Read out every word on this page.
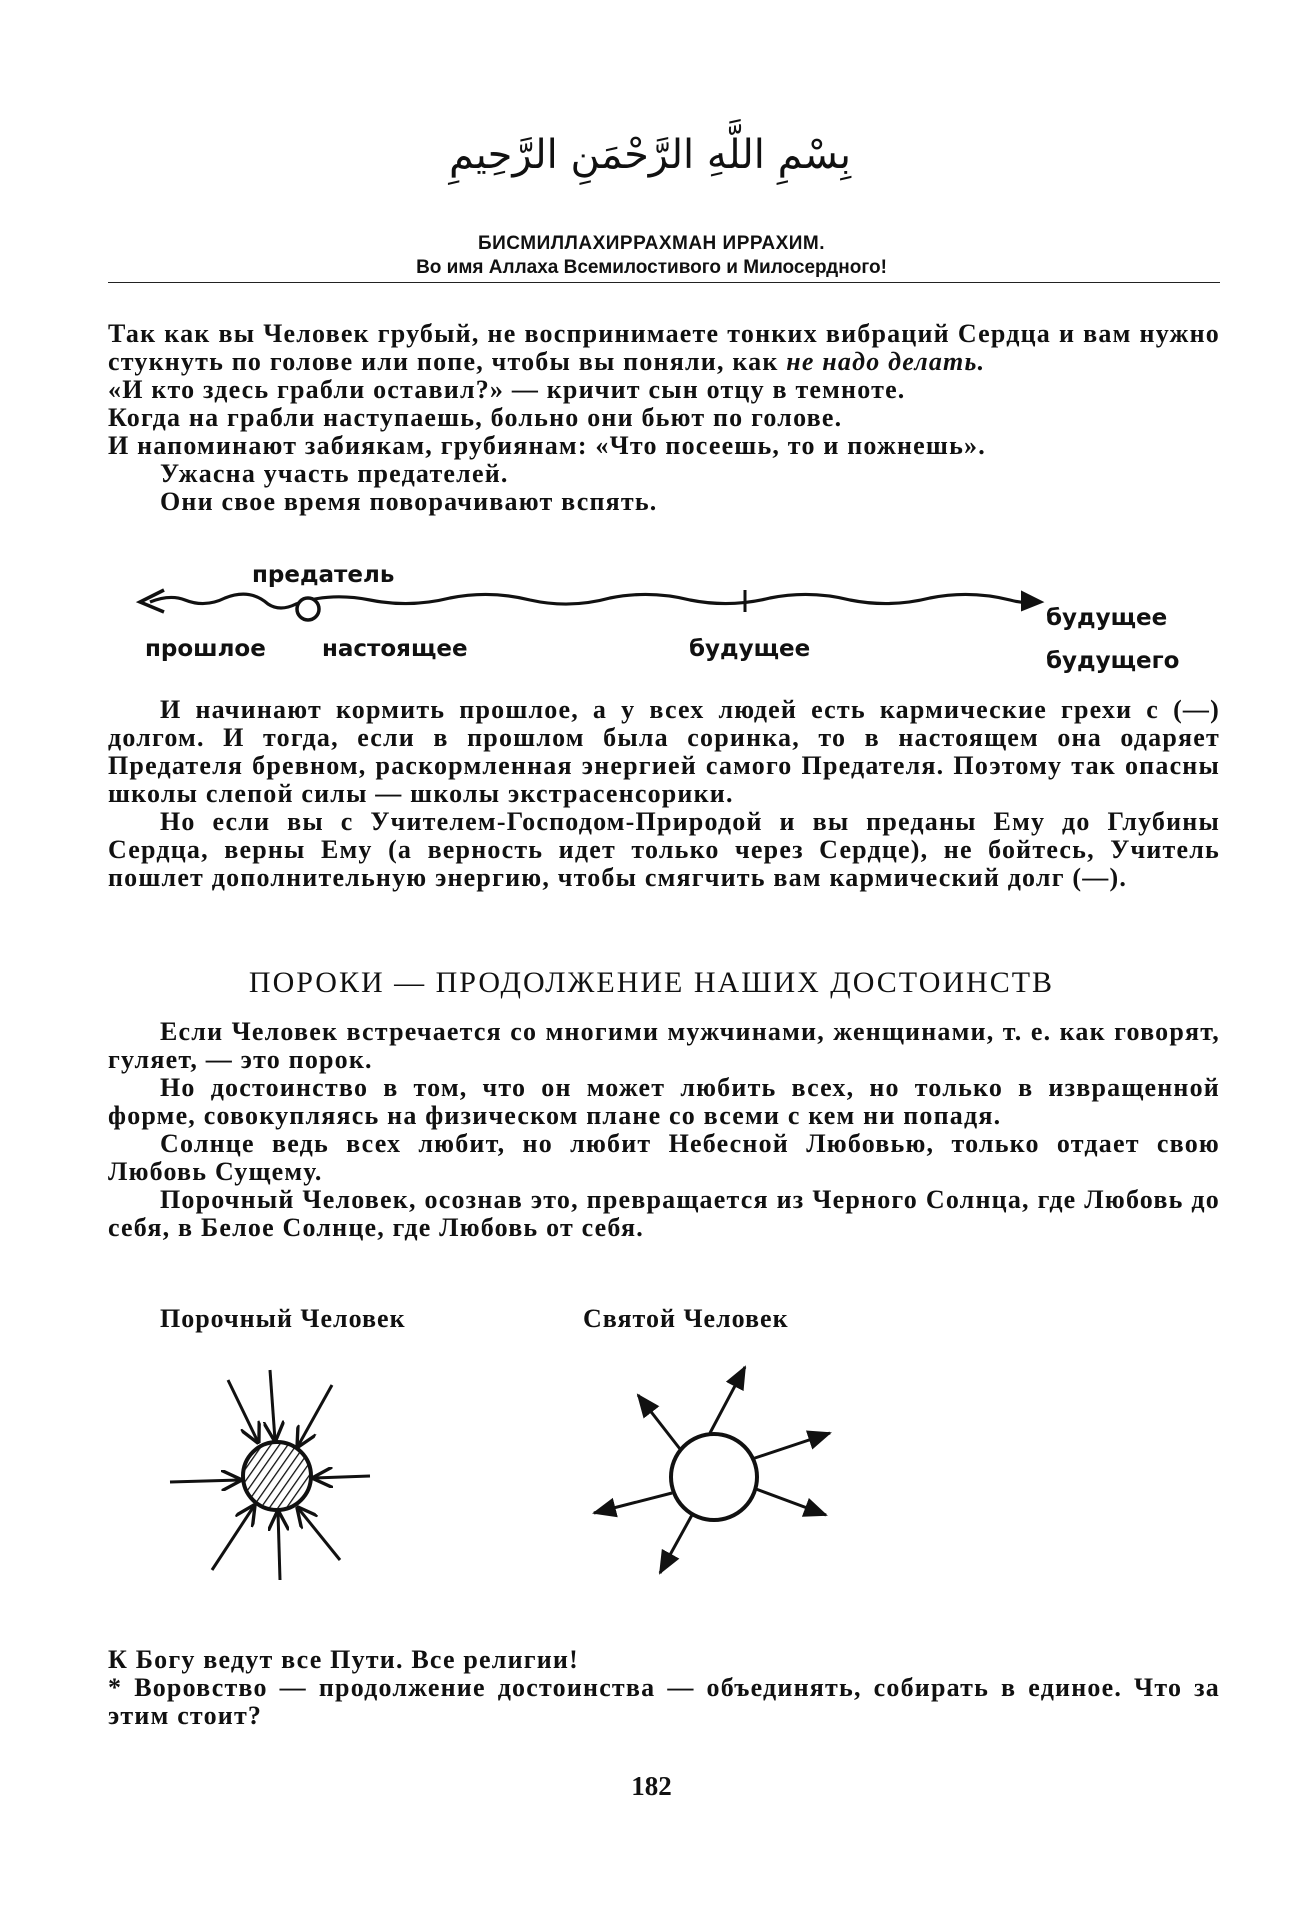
بِسْمِ اللَّهِ الرَّحْمَنِ الرَّحِيمِ

БИСМИЛЛАХИРРАХМАН ИРРАХИМ.

Во имя Аллаха Всемилостивого и Милосердного!

Так как вы Человек грубый, не воспринимаете тонких вибраций Сердца и вам нужно стукнуть по голове или попе, чтобы вы поняли, как не надо делать.

«И кто здесь грабли оставил?» — кричит сын отцу в темноте.

Когда на грабли наступаешь, больно они бьют по голове.

И напоминают забиякам, грубиянам: «Что посеешь, то и пожнешь».

Ужасна участь предателей.

Они свое время поворачивают вспять.

предатель

прошлое настоящее	будущее

будущее

будущего

И начинают кормить прошлое, а у всех людей есть кармические грехи с (—) долгом. И тогда, если в прошлом была соринка, то в настоящем она одаряет Предателя бревном, раскормленная энергией самого Предателя. Поэтому так опасны школы слепой силы — школы экстрасенсорики.

Но если вы с Учителем-Господом-Природой и вы преданы Ему до Глубины Сердца, верны Ему (а верность идет только через Сердце), не бойтесь, Учитель пошлет дополнительную энергию, чтобы смягчить вам кармический долг (—).

ПОРОКИ — ПРОДОЛЖЕНИЕ НАШИХ ДОСТОИНСТВ

Если Человек встречается со многими мужчинами, женщинами, т. е. как говорят, гуляет, — это порок.

Но достоинство в том, что он может любить всех, но только в извращенной форме, совокупляясь на физическом плане со всеми с кем ни попадя.

Солнце ведь всех любит, но любит Небесной Любовью, только отдает свою Любовь Сущему.

Порочный Человек, осознав это, превращается из Черного Солнца, где Любовь до себя, в Белое Солнце, где Любовь от себя.

Порочный Человек	Святой Человек

К Богу ведут все Пути. Все религии!

* Воровство — продолжение достоинства — объединять, собирать в единое. Что за этим стоит?

182
